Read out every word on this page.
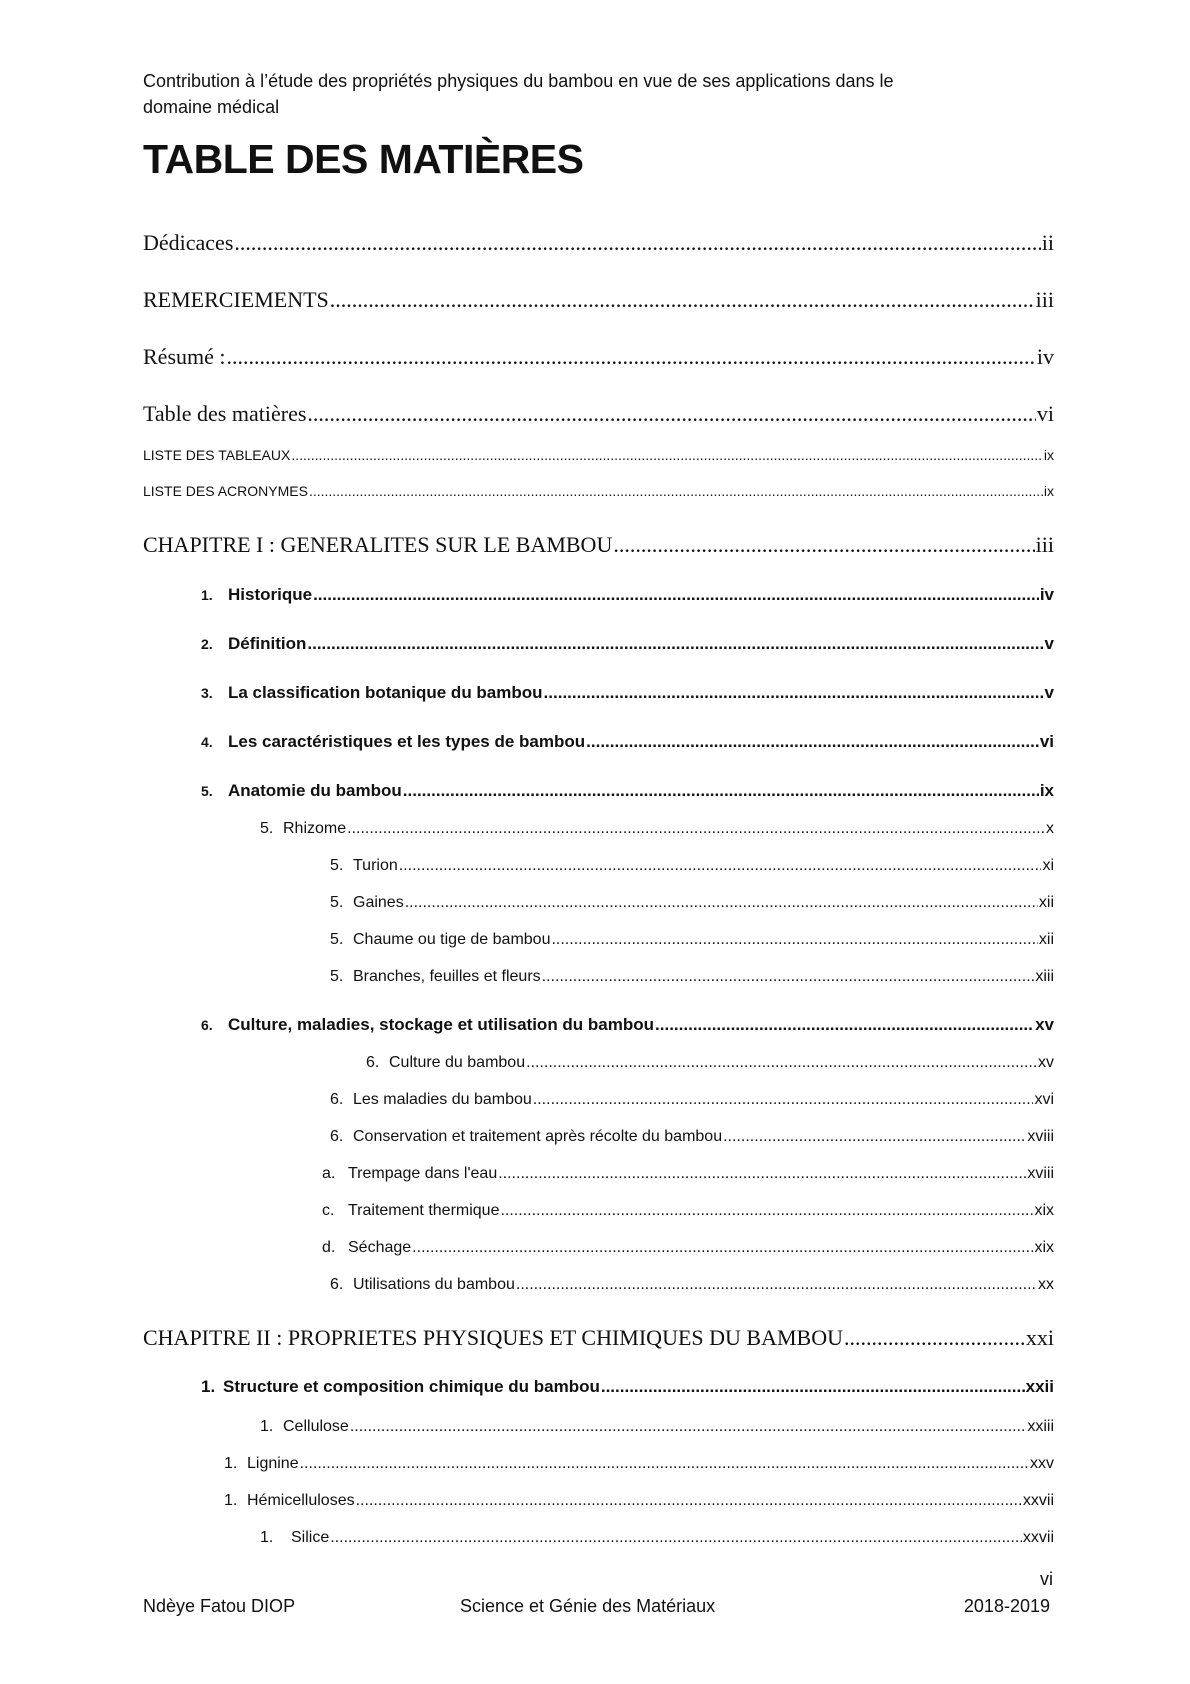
Contribution à l’étude des propriétés physiques du bambou en vue de ses applications dans le
domaine médical
TABLE DES MATIÈRES
Dédicaces .....	ii
REMERCIEMENTS .....	iii
Résumé : .....	iv
Table des matières .....	vi
LISTE DES TABLEAUX .....	ix
LISTE DES ACRONYMES .....	ix
CHAPITRE I : GENERALITES SUR LE BAMBOU .....	iii
1. Historique .....	iv
2. Définition .....	v
3. La classification botanique du bambou .....	v
4. Les caractéristiques et les types de bambou .....	vi
5. Anatomie du bambou .....	ix
5. Rhizome .....	x
5. Turion .....	xi
5. Gaines .....	xii
5. Chaume ou tige de bambou .....	xii
5. Branches, feuilles et fleurs .....	xiii
6. Culture, maladies, stockage et utilisation du bambou .....	xv
6. Culture du bambou .....	xv
6. Les maladies du bambou .....	xvi
6. Conservation et traitement après récolte du bambou .....	xviii
a. Trempage dans l'eau .....	xviii
c. Traitement thermique .....	xix
d. Séchage .....	xix
6. Utilisations du bambou .....	xx
CHAPITRE II : PROPRIETES PHYSIQUES ET CHIMIQUES DU BAMBOU .....	xxi
1. Structure et composition chimique du bambou .....	xxii
1. Cellulose .....	xxiii
1. Lignine .....	xxv
1. Hémicelluloses .....	xxvii
1.	Silice .....	xxvii
vi
Ndèye Fatou DIOP	Science et Génie des Matériaux	2018-2019
